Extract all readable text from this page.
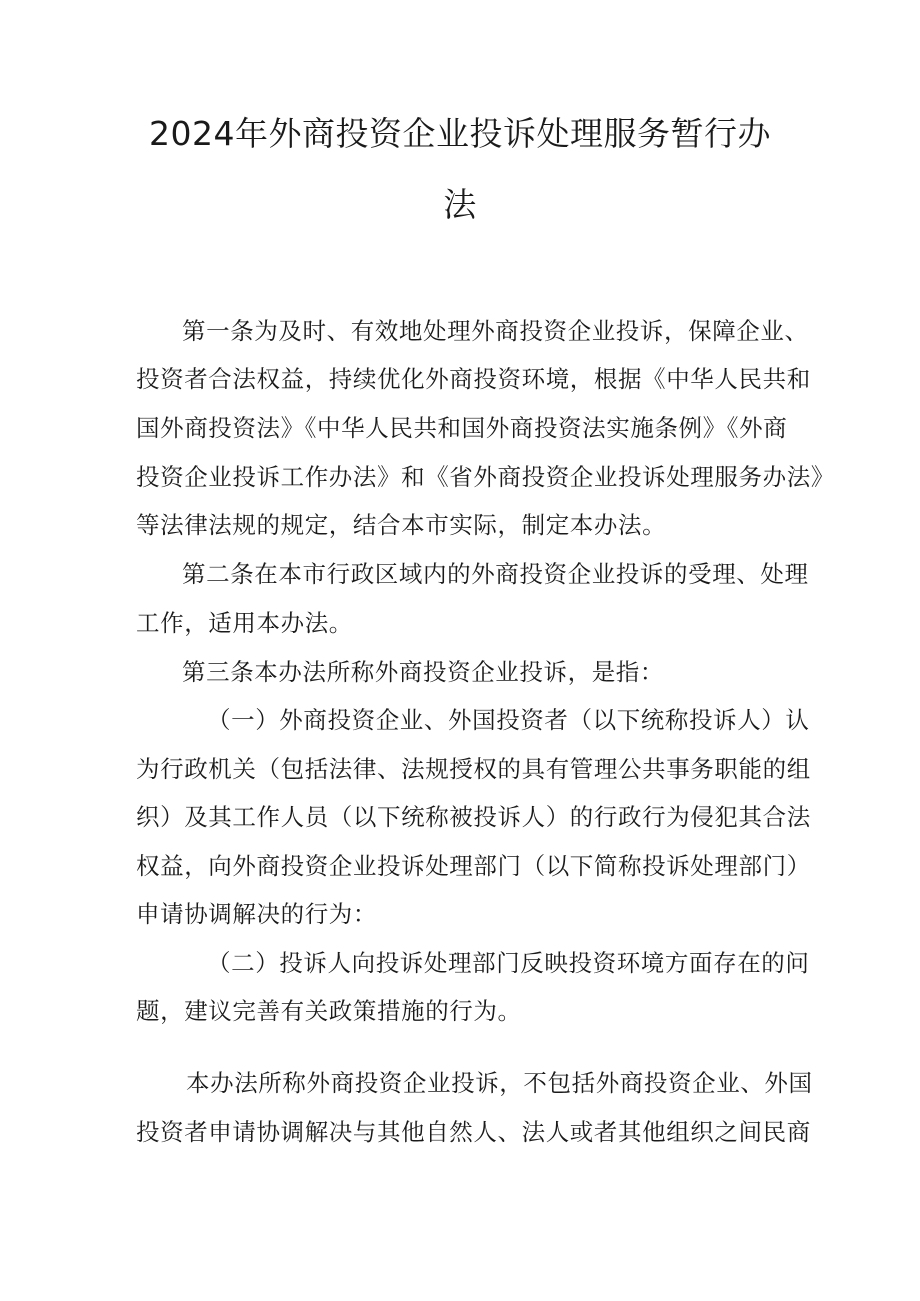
2024年外商投资企业投诉处理服务暂行办
法
第一条为及时、有效地处理外商投资企业投诉，保障企业、
投资者合法权益，持续优化外商投资环境，根据《中华人民共和
国外商投资法》《中华人民共和国外商投资法实施条例》《外商
投资企业投诉工作办法》和《省外商投资企业投诉处理服务办法》
等法律法规的规定，结合本市实际，制定本办法。
第二条在本市行政区域内的外商投资企业投诉的受理、处理
工作，适用本办法。
第三条本办法所称外商投资企业投诉，是指：
（一）外商投资企业、外国投资者（以下统称投诉人）认
为行政机关（包括法律、法规授权的具有管理公共事务职能的组
织）及其工作人员（以下统称被投诉人）的行政行为侵犯其合法
权益，向外商投资企业投诉处理部门（以下简称投诉处理部门）
申请协调解决的行为：
（二）投诉人向投诉处理部门反映投资环境方面存在的问
题，建议完善有关政策措施的行为。
本办法所称外商投资企业投诉，不包括外商投资企业、外国
投资者申请协调解决与其他自然人、法人或者其他组织之间民商
